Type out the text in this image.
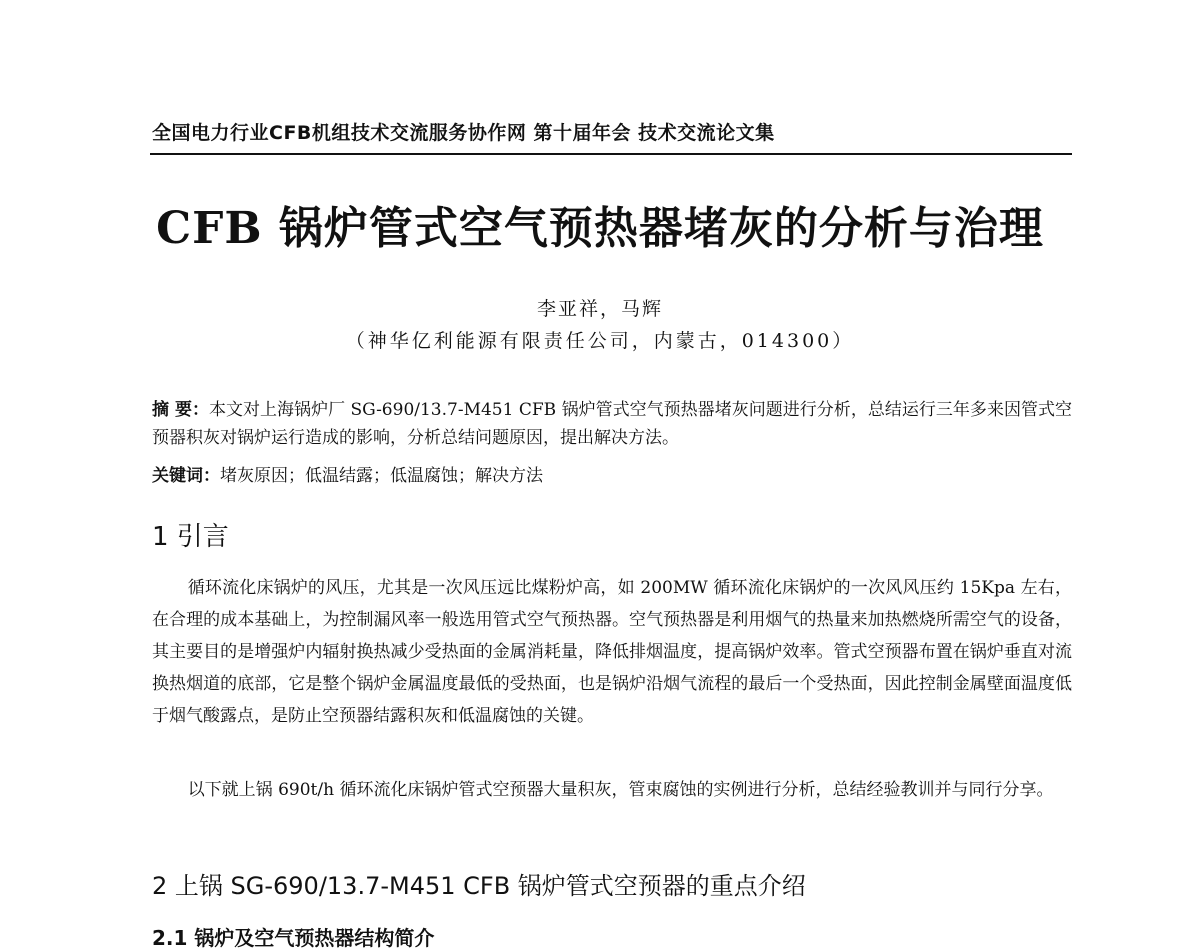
全国电力行业CFB机组技术交流服务协作网 第十届年会 技术交流论文集
CFB 锅炉管式空气预热器堵灰的分析与治理
李亚祥，马辉
（神华亿利能源有限责任公司，内蒙古，014300）
摘 要：本文对上海锅炉厂 SG-690/13.7-M451 CFB 锅炉管式空气预热器堵灰问题进行分析，总结运行三年多来因管式空预器积灰对锅炉运行造成的影响，分析总结问题原因，提出解决方法。
关键词：堵灰原因；低温结露；低温腐蚀；解决方法
1 引言

循环流化床锅炉的风压，尤其是一次风压远比煤粉炉高，如 200MW 循环流化床锅炉的一次风风压约 15Kpa 左右，在合理的成本基础上，为控制漏风率一般选用管式空气预热器。空气预热器是利用烟气的热量来加热燃烧所需空气的设备，其主要目的是增强炉内辐射换热减少受热面的金属消耗量，降低排烟温度，提高锅炉效率。管式空预器布置在锅炉垂直对流换热烟道的底部，它是整个锅炉金属温度最低的受热面，也是锅炉沿烟气流程的最后一个受热面，因此控制金属壁面温度低于烟气酸露点，是防止空预器结露积灰和低温腐蚀的关键。

以下就上锅 690t/h 循环流化床锅炉管式空预器大量积灰，管束腐蚀的实例进行分析，总结经验教训并与同行分享。

2 上锅 SG-690/13.7-M451 CFB 锅炉管式空预器的重点介绍
2.1 锅炉及空气预热器结构简介
